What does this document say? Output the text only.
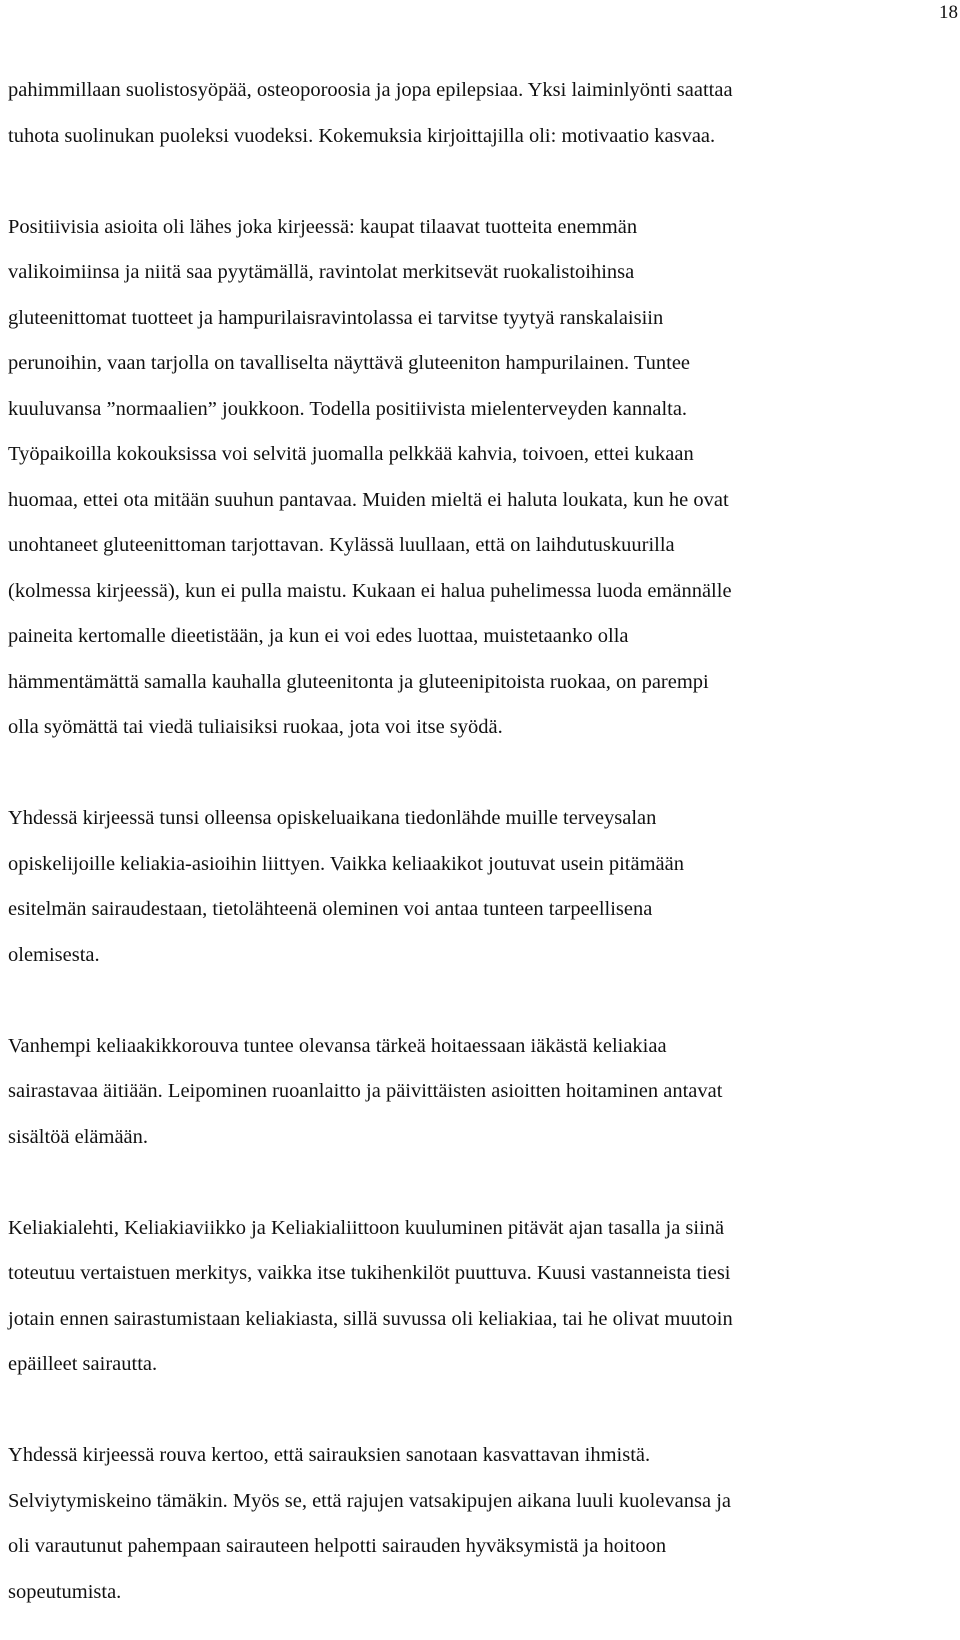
18

pahimmillaan suolistosyöpää, osteoporoosia ja jopa epilepsiaa. Yksi laiminlyönti saattaa
tuhota suolinukan puoleksi vuodeksi. Kokemuksia kirjoittajilla oli: motivaatio kasvaa.

Positiivisia asioita oli lähes joka kirjeessä: kaupat tilaavat tuotteita enemmän
valikoimiinsa ja niitä saa pyytämällä, ravintolat merkitsevät ruokalistoihinsa
gluteenittomat tuotteet ja hampurilaisravintolassa ei tarvitse tyytyä ranskalaisiin
perunoihin, vaan tarjolla on tavalliselta näyttävä gluteeniton hampurilainen. Tuntee
kuuluvansa ”normaalien” joukkoon. Todella positiivista mielenterveyden kannalta.
Työpaikoilla kokouksissa voi selvitä juomalla pelkkää kahvia, toivoen, ettei kukaan
huomaa, ettei ota mitään suuhun pantavaa. Muiden mieltä ei haluta loukata, kun he ovat
unohtaneet gluteenittoman tarjottavan. Kylässä luullaan, että on laihdutuskuurilla
(kolmessa kirjeessä), kun ei pulla maistu. Kukaan ei halua puhelimessa luoda emännälle
paineita kertomalle dieetistään, ja kun ei voi edes luottaa, muistetaanko olla
hämmentämättä samalla kauhalla gluteenitonta ja gluteenipitoista ruokaa, on parempi
olla syömättä tai viedä tuliaisiksi ruokaa, jota voi itse syödä.

Yhdessä kirjeessä tunsi olleensa opiskeluaikana tiedonlähde muille terveysalan
opiskelijoille keliakia-asioihin liittyen. Vaikka keliaakikot joutuvat usein pitämään
esitelmän sairaudestaan, tietolähteenä oleminen voi antaa tunteen tarpeellisena
olemisesta.

Vanhempi keliaakikkorouva tuntee olevansa tärkeä hoitaessaan iäkästä keliakiaa
sairastavaa äitiään. Leipominen ruoanlaitto ja päivittäisten asioitten hoitaminen antavat
sisältöä elämään.

Keliakialehti, Keliakiaviikko ja Keliakialiittoon kuuluminen pitävät ajan tasalla ja siinä
toteutuu vertaistuen merkitys, vaikka itse tukihenkilöt puuttuva. Kuusi vastanneista tiesi
jotain ennen sairastumistaan keliakiasta, sillä suvussa oli keliakiaa, tai he olivat muutoin
epäilleet sairautta.

Yhdessä kirjeessä rouva kertoo, että sairauksien sanotaan kasvattavan ihmistä.
Selviytymiskeino tämäkin. Myös se, että rajujen vatsakipujen aikana luuli kuolevansa ja
oli varautunut pahempaan sairauteen helpotti sairauden hyväksymistä ja hoitoon
sopeutumista.
